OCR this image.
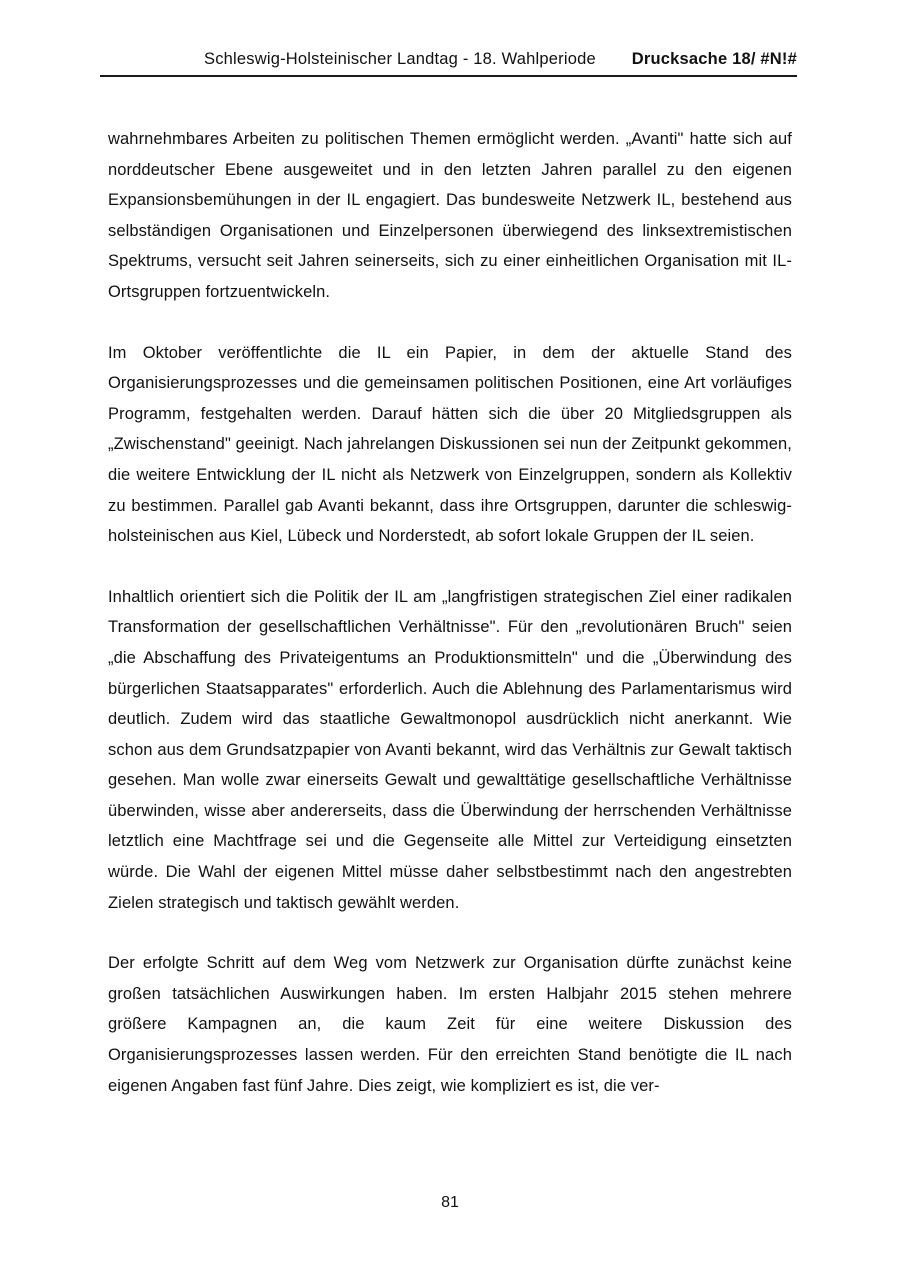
Schleswig-Holsteinischer Landtag - 18. Wahlperiode Drucksache 18/ #N!#

wahrnehmbares Arbeiten zu politischen Themen ermöglicht werden. „Avanti" hatte sich auf norddeutscher Ebene ausgeweitet und in den letzten Jahren parallel zu den eigenen Expansionsbemühungen in der IL engagiert. Das bundesweite Netzwerk IL, bestehend aus selbständigen Organisationen und Einzelpersonen überwiegend des linksextremistischen Spektrums, versucht seit Jahren seinerseits, sich zu einer einheitlichen Organisation mit IL-Ortsgruppen fortzuentwickeln.

Im Oktober veröffentlichte die IL ein Papier, in dem der aktuelle Stand des Organisierungsprozesses und die gemeinsamen politischen Positionen, eine Art vorläufiges Programm, festgehalten werden. Darauf hätten sich die über 20 Mitgliedsgruppen als „Zwischenstand" geeinigt. Nach jahrelangen Diskussionen sei nun der Zeitpunkt gekommen, die weitere Entwicklung der IL nicht als Netzwerk von Einzelgruppen, sondern als Kollektiv zu bestimmen. Parallel gab Avanti bekannt, dass ihre Ortsgruppen, darunter die schleswig-holsteinischen aus Kiel, Lübeck und Norderstedt, ab sofort lokale Gruppen der IL seien.

Inhaltlich orientiert sich die Politik der IL am „langfristigen strategischen Ziel einer radikalen Transformation der gesellschaftlichen Verhältnisse". Für den „revolutionären Bruch" seien „die Abschaffung des Privateigentums an Produktionsmitteln" und die „Überwindung des bürgerlichen Staatsapparates" erforderlich. Auch die Ablehnung des Parlamentarismus wird deutlich. Zudem wird das staatliche Gewaltmonopol ausdrücklich nicht anerkannt. Wie schon aus dem Grundsatzpapier von Avanti bekannt, wird das Verhältnis zur Gewalt taktisch gesehen. Man wolle zwar einerseits Gewalt und gewalttätige gesellschaftliche Verhältnisse überwinden, wisse aber andererseits, dass die Überwindung der herrschenden Verhältnisse letztlich eine Machtfrage sei und die Gegenseite alle Mittel zur Verteidigung einsetzten würde. Die Wahl der eigenen Mittel müsse daher selbstbestimmt nach den angestrebten Zielen strategisch und taktisch gewählt werden.

Der erfolgte Schritt auf dem Weg vom Netzwerk zur Organisation dürfte zunächst keine großen tatsächlichen Auswirkungen haben. Im ersten Halbjahr 2015 stehen mehrere größere Kampagnen an, die kaum Zeit für eine weitere Diskussion des Organisierungsprozesses lassen werden. Für den erreichten Stand benötigte die IL nach eigenen Angaben fast fünf Jahre. Dies zeigt, wie kompliziert es ist, die ver-

81
